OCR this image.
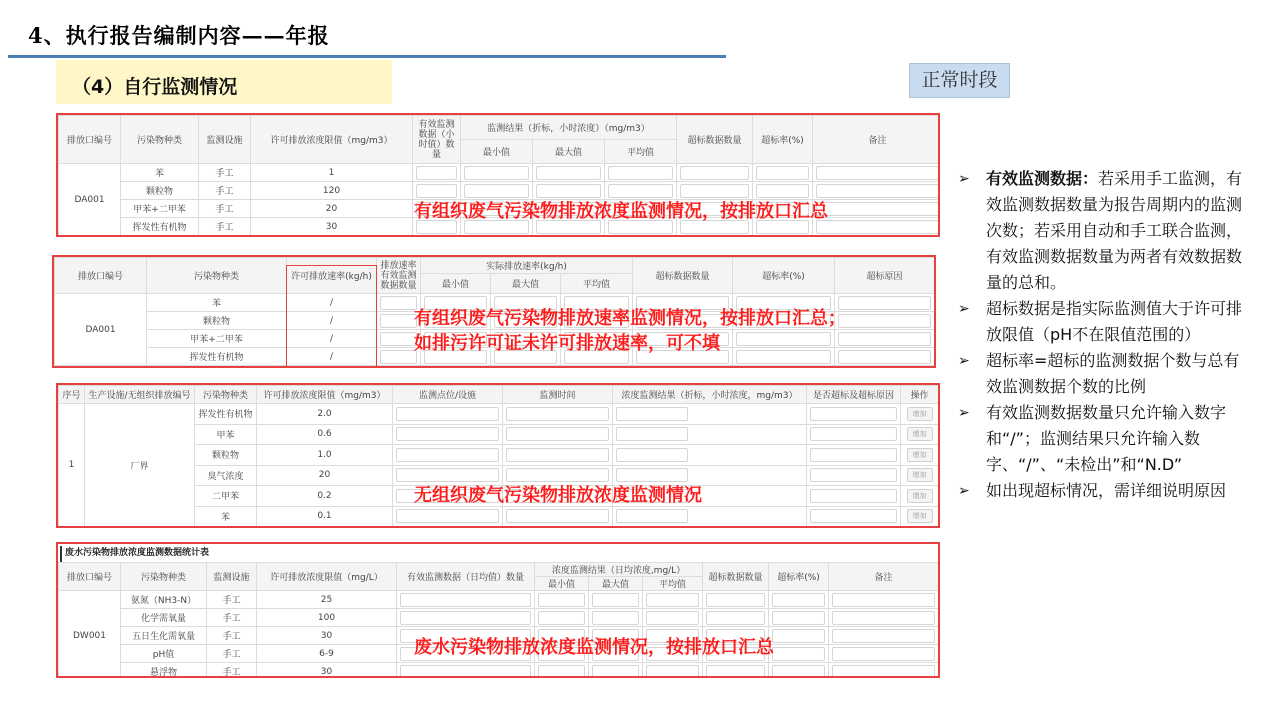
4、执行报告编制内容——年报
（4）自行监测情况	正常时段
排放口编号	污染物种类	监测设施	许可排放浓度限值（mg/m3）	有效监测数据（小时值）数量	监测结果（折标，小时浓度）（mg/m3）			超标数据数量	超标率(%)	备注
					最小值	最大值	平均值			
DA001	苯	手工	1	

	颗粒物	手工	120	

	甲苯+二甲苯	手工	20	

	挥发性有机物	手工	30	

有组织废气污染物排放浓度监测情况，按排放口汇总
排放口编号	污染物种类	许可排放速率(kg/h)	排放速率有效监测数据数量	实际排放速率(kg/h)			超标数据数量	超标率(%)	超标原因
				最小值	最大值	平均值			
DA001	苯	/	

	颗粒物	/	

	甲苯+二甲苯	/	

	挥发性有机物	/	

有组织废气污染物排放速率监测情况，按排放口汇总；
如排污许可证未许可排放速率，可不填
序号	生产设施/无组织排放编号	污染物种类	许可排放浓度限值（mg/m3）	监测点位/设施	监测时间	浓度监测结果（折标，小时浓度，mg/m3）	是否超标及超标原因	操作
1	厂界	挥发性有机物	2.0					增加
		甲苯	0.6					增加
		颗粒物	1.0					增加
		臭气浓度	20					增加
		二甲苯	0.2					增加
		苯	0.1					增加
无组织废气污染物排放浓度监测情况
废水污染物排放浓度监测数据统计表
排放口编号	污染物种类	监测设施	许可排放浓度限值（mg/L）	有效监测数据（日均值）数量	浓度监测结果（日均浓度,mg/L）			超标数据数量	超标率(%)	备注
					最小值	最大值	平均值			
DW001	氨氮（NH3-N）	手工	25	

	化学需氧量	手工	100	

	五日生化需氧量	手工	30	

	pH值	手工	6-9	

	悬浮物	手工	30	

废水污染物排放浓度监测情况，按排放口汇总
➢	有效监测数据：若采用手工监测，有效监测数据数量为报告周期内的监测次数；若采用自动和手工联合监测，有效监测数据数量为两者有效数据数量的总和。
➢	超标数据是指实际监测值大于许可排放限值（pH不在限值范围的）
➢	超标率=超标的监测数据个数与总有效监测数据个数的比例
➢	有效监测数据数量只允许输入数字和“/”；监测结果只允许输入数字、“/”、“未检出”和“N.D”
➢	如出现超标情况，需详细说明原因
